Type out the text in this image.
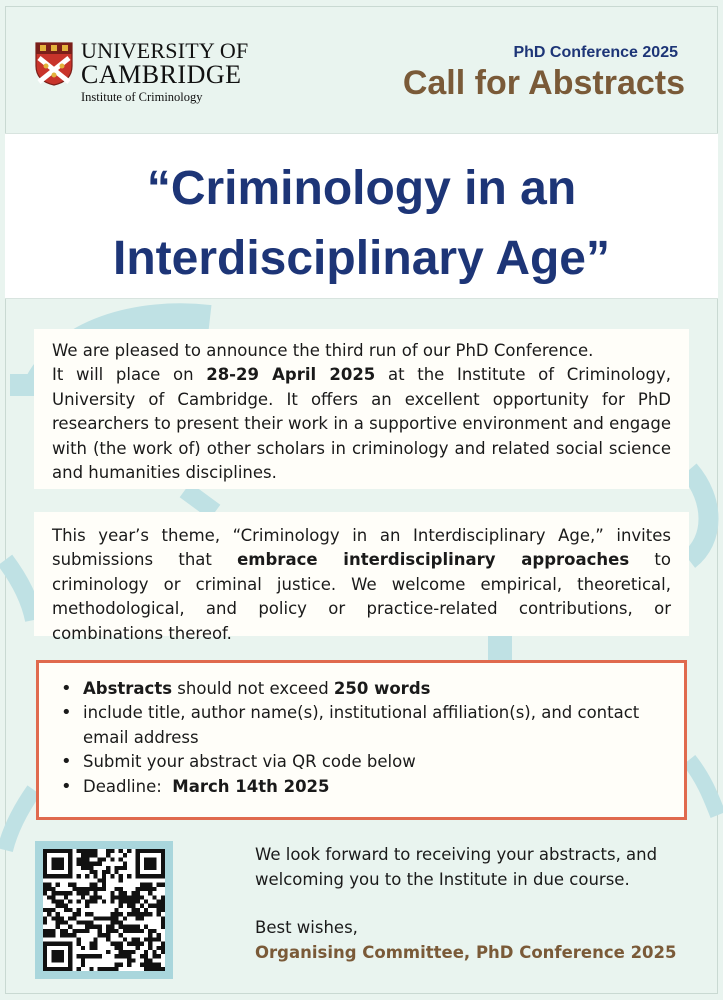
UNIVERSITY OF
CAMBRIDGE
Institute of Criminology
PhD Conference 2025
Call for Abstracts
“Criminology in an
Interdisciplinary Age”
We are pleased to announce the third run of our PhD Conference.
It will place on 28-29 April 2025 at the Institute of Criminology, University of Cambridge. It offers an excellent opportunity for PhD researchers to present their work in a supportive environment and engage with (the work of) other scholars in criminology and related social science and humanities disciplines.
This year’s theme, “Criminology in an Interdisciplinary Age,” invites submissions that embrace interdisciplinary approaches to criminology or criminal justice. We welcome empirical, theoretical, methodological, and policy or practice-related contributions, or combinations thereof.
• Abstracts should not exceed 250 words
• include title, author name(s), institutional affiliation(s), and contact email address
• Submit your abstract via QR code below
• Deadline:  March 14th 2025
We look forward to receiving your abstracts, and welcoming you to the Institute in due course.
Best wishes,
Organising Committee, PhD Conference 2025
